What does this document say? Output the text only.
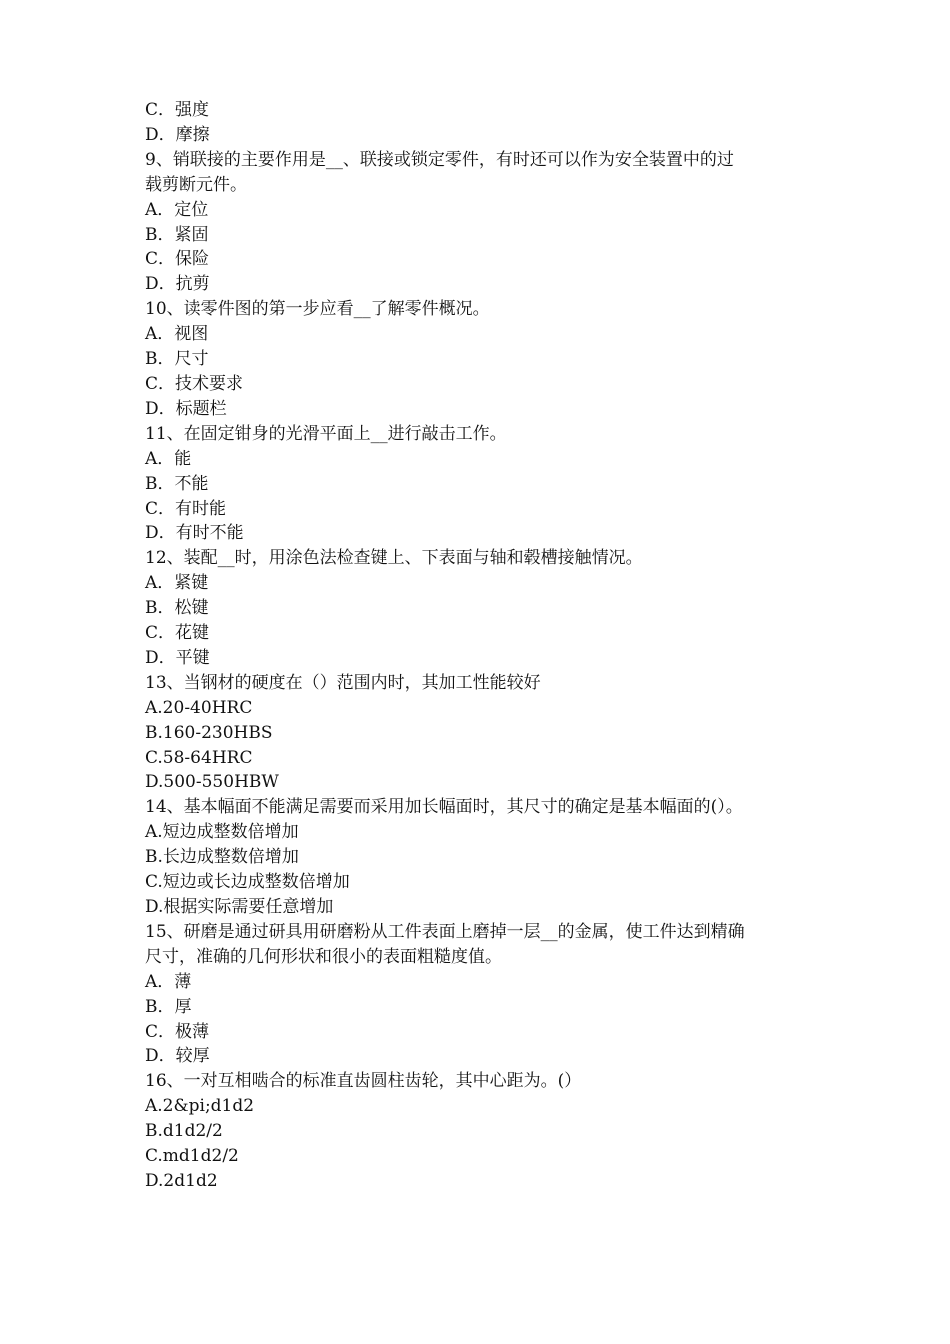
C．强度

D．摩擦

9、销联接的主要作用是__、联接或锁定零件，有时还可以作为安全装置中的过

载剪断元件。

A．定位

B．紧固

C．保险

D．抗剪

10、读零件图的第一步应看__了解零件概况。

A．视图

B．尺寸

C．技术要求

D．标题栏

11、在固定钳身的光滑平面上__进行敲击工作。

A．能

B．不能

C．有时能

D．有时不能

12、装配__时，用涂色法检查键上、下表面与轴和毂槽接触情况。

A．紧键

B．松键

C．花键

D．平键

13、当钢材的硬度在（）范围内时，其加工性能较好

A.20-40HRC

B.160-230HBS

C.58-64HRC

D.500-550HBW

14、基本幅面不能满足需要而采用加长幅面时，其尺寸的确定是基本幅面的(）。

A.短边成整数倍增加

B.长边成整数倍增加

C.短边或长边成整数倍增加

D.根据实际需要任意增加

15、研磨是通过研具用研磨粉从工件表面上磨掉一层__的金属，使工件达到精确

尺寸，准确的几何形状和很小的表面粗糙度值。

A．薄

B．厚

C．极薄

D．较厚

16、一对互相啮合的标准直齿圆柱齿轮，其中心距为。(）

A.2&pi;d1d2

B.d1d2/2

C.md1d2/2

D.2d1d2
